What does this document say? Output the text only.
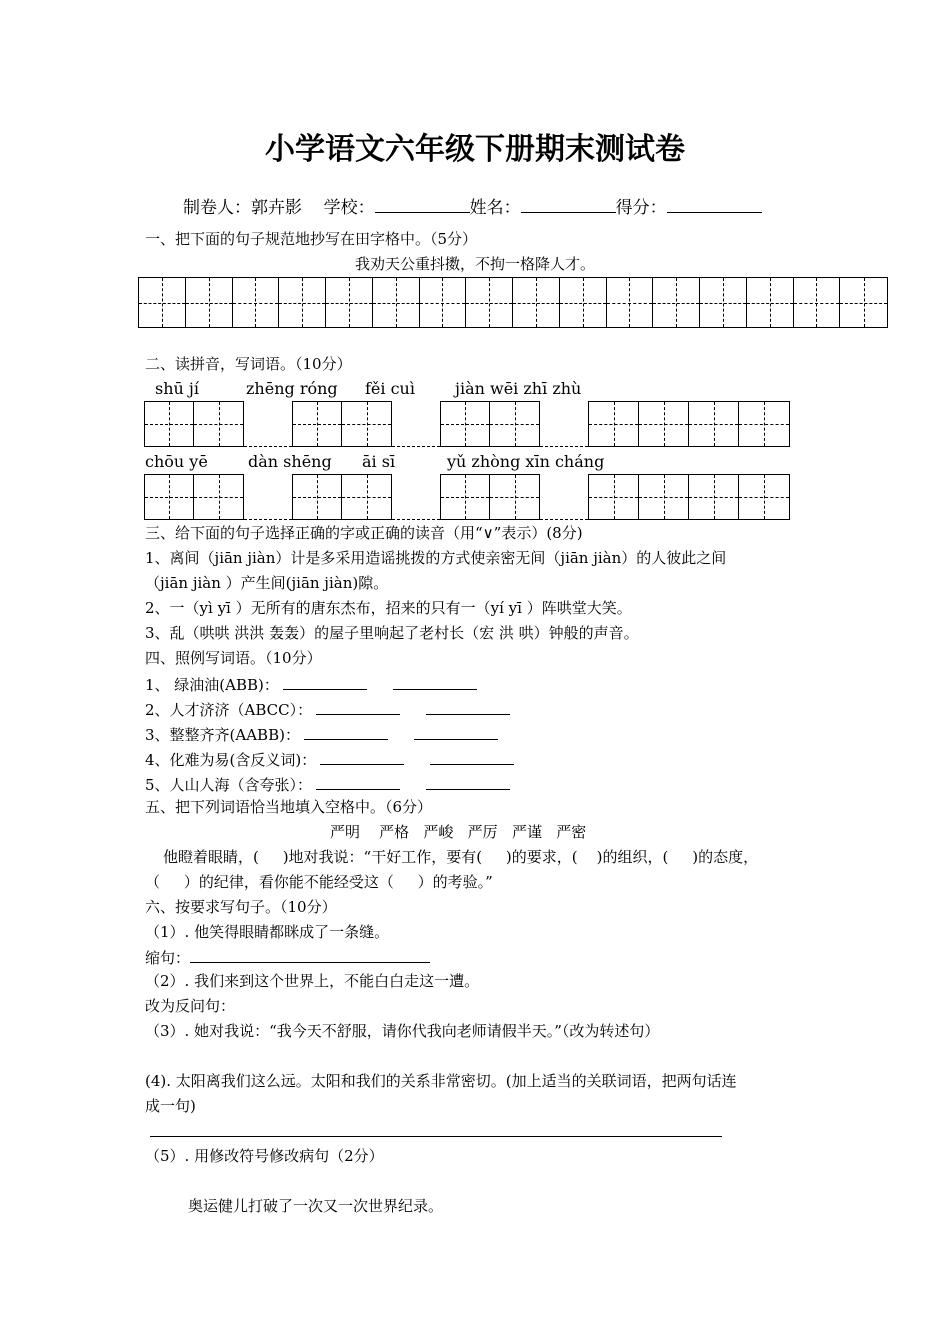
小学语文六年级下册期末测试卷
制卷人：郭卉影 学校：	姓名：	得分：
一、把下面的句子规范地抄写在田字格中。（5分）
我劝天公重抖擞，不拘一格降人才。
二、读拼音，写词语。（10分）
shū jí	zhēng róng fěi cuì	jiàn wēi zhī zhù
chōu yē	dàn shēng āi sī	yǔ zhòng xīn cháng
三、给下面的句子选择正确的字或正确的读音（用“∨”表示）(8分)
1、离间（jiān jiàn）计是多采用造谣挑拨的方式使亲密无间（jiān jiàn）的人彼此之间
（jiān jiàn ）产生间(jiān jiàn)隙。
2、一（yì yī ）无所有的唐东杰布，招来的只有一（yí yī ）阵哄堂大笑。
3、乱（哄哄 洪洪 轰轰）的屋子里响起了老村长（宏 洪 哄）钟般的声音。
四、照例写词语。（10分）
1、 绿油油(ABB)：
2、人才济济（ABCC）：
3、整整齐齐(AABB)：
4、化难为易(含反义词)：
5、人山人海（含夸张）：
五、把下列词语恰当地填入空格中。（6分）
严明    严格   严峻   严厉   严谨   严密
他瞪着眼睛，(     )地对我说：“干好工作，要有(     )的要求，(    )的组织，(     )的态度，
（     ）的纪律，看你能不能经受这（     ）的考验。”
六、按要求写句子。（10分）
（1）. 他笑得眼睛都眯成了一条缝。
缩句：
（2）. 我们来到这个世界上，不能白白走这一遭。
改为反问句：
（3）. 她对我说：“我今天不舒服，请你代我向老师请假半天。”（改为转述句）
(4). 太阳离我们这么远。太阳和我们的关系非常密切。(加上适当的关联词语，把两句话连
成一句)
（5）. 用修改符号修改病句（2分）
奥运健儿打破了一次又一次世界纪录。
